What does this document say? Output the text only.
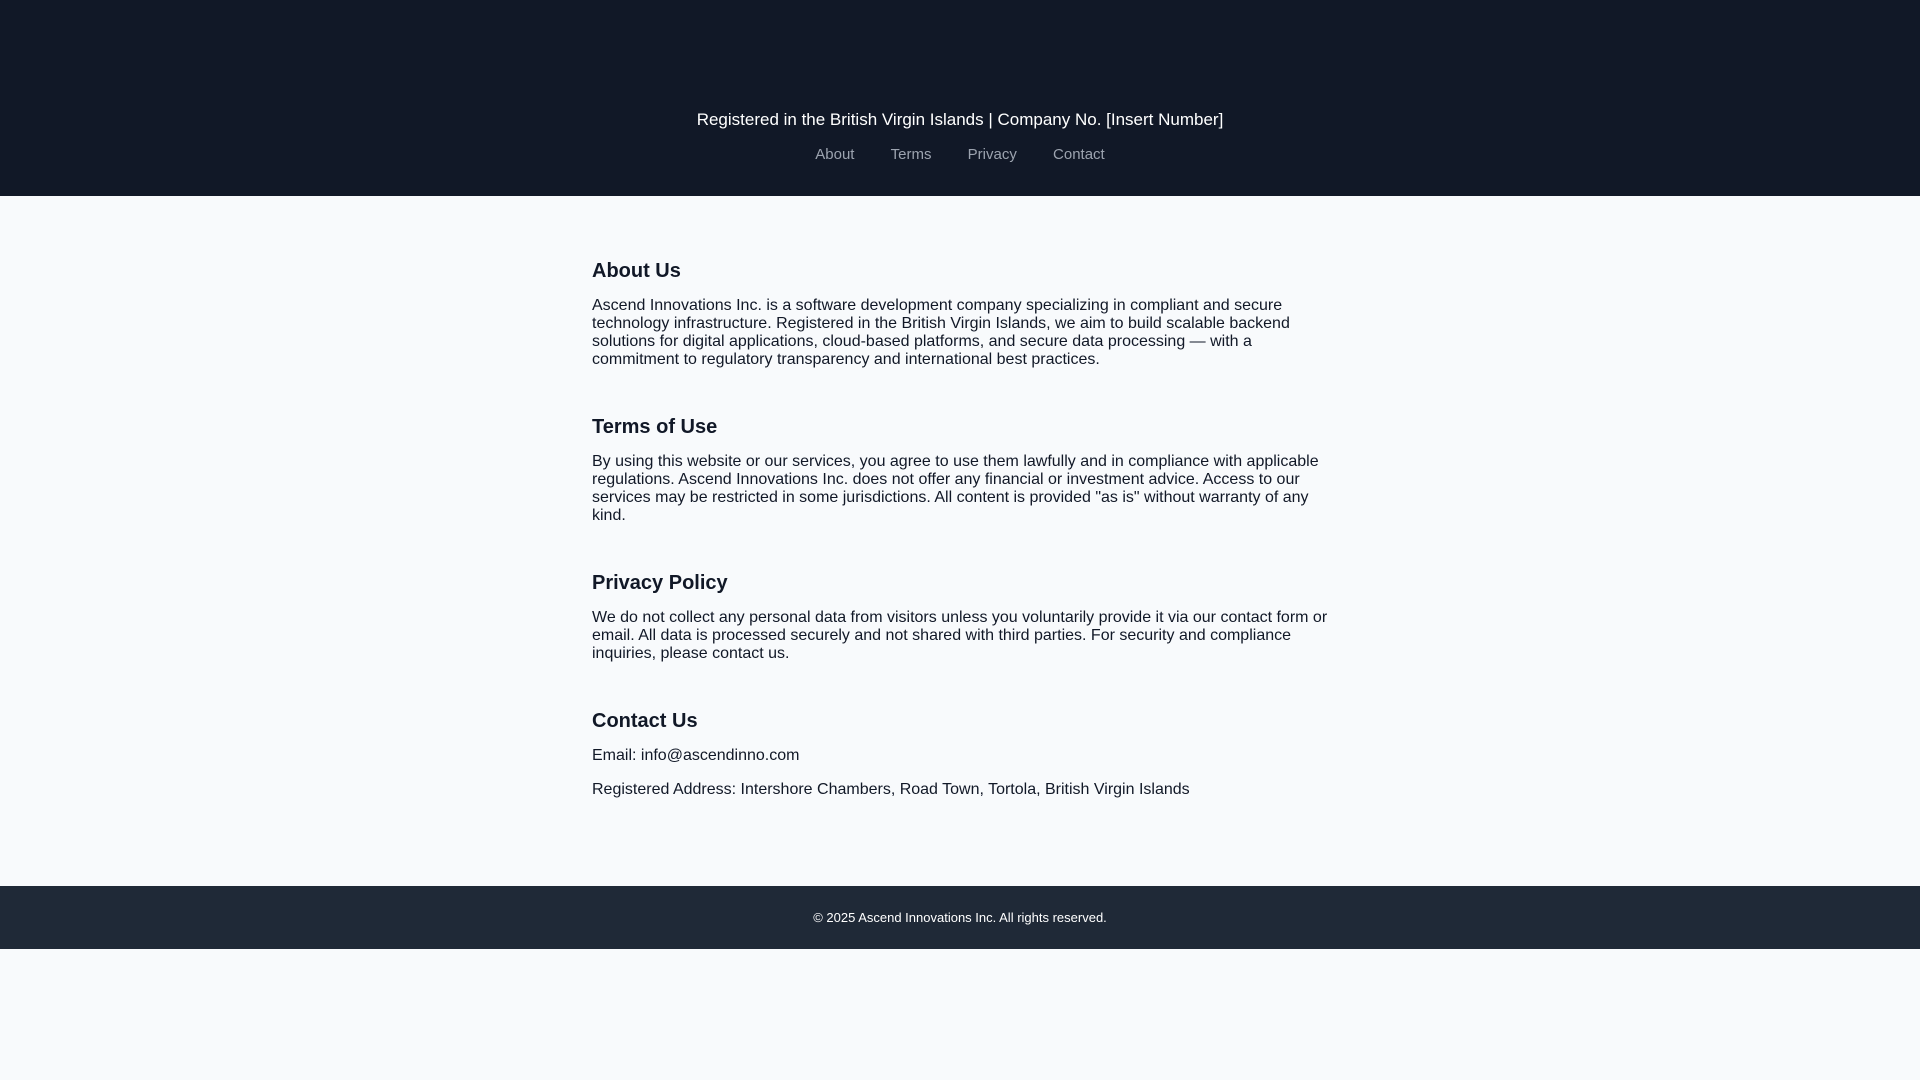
Registered in the British Virgin Islands | Company No. [Insert Number]
About Terms Privacy Contact
About Us

Ascend Innovations Inc. is a software development company specializing in compliant and secure technology infrastructure. Registered in the British Virgin Islands, we aim to build scalable backend solutions for digital applications, cloud-based platforms, and secure data processing — with a commitment to regulatory transparency and international best practices.

Terms of Use

By using this website or our services, you agree to use them lawfully and in compliance with applicable regulations. Ascend Innovations Inc. does not offer any financial or investment advice. Access to our services may be restricted in some jurisdictions. All content is provided "as is" without warranty of any kind.

Privacy Policy

We do not collect any personal data from visitors unless you voluntarily provide it via our contact form or email. All data is processed securely and not shared with third parties. For security and compliance inquiries, please contact us.

Contact Us

Email: info@ascendinno.com

Registered Address: Intershore Chambers, Road Town, Tortola, British Virgin Islands

© 2025 Ascend Innovations Inc. All rights reserved.
